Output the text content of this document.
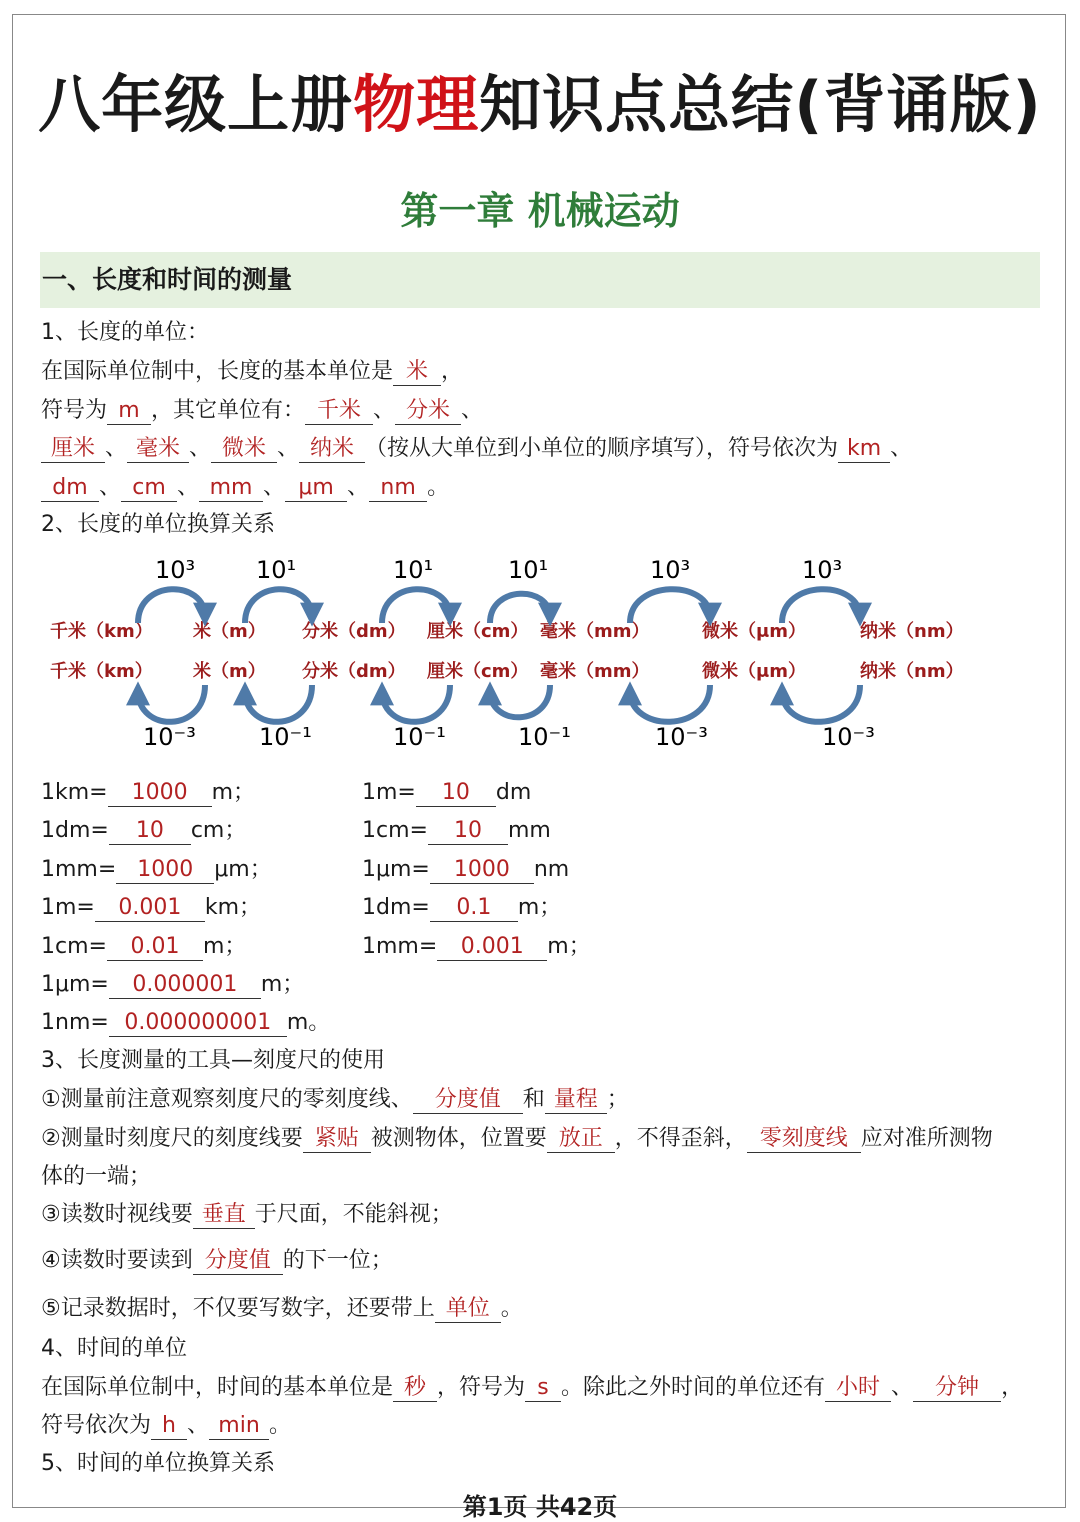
八年级上册物理知识点总结(背诵版)
第一章 机械运动
一、长度和时间的测量
1、长度的单位：
在国际单位制中，长度的基本单位是 米 ，
符号为 m ，其它单位有： 千米 、 分米 、
厘米 、 毫米 、 微米 、 纳米 （按从大单位到小单位的顺序填写），符号依次为 km 、
dm 、 cm 、 mm 、 μm 、 nm 。
2、长度的单位换算关系
千米（km）
千米（km）
米（m）
米（m）
分米（dm）
分米（dm）
厘米（cm）
厘米（cm）
毫米（mm）
毫米（mm）
微米（μm）
微米（μm）
纳米（nm）
纳米（nm）
10³
10⁻³
10¹
10⁻¹
10¹
10⁻¹
10¹
10⁻¹
10³
10⁻³
10³
10⁻³
1km= 1000 m；	1m= 10 dm
1dm= 10 cm；	1cm= 10 mm
1mm= 1000 μm；	1μm= 1000 nm
1m= 0.001 km；	1dm= 0.1 m；
1cm= 0.01 m；	1mm= 0.001 m；
1μm= 0.000001 m；
1nm= 0.000000001 m。
3、长度测量的工具—刻度尺的使用
①测量前注意观察刻度尺的零刻度线、 分度值 和 量程 ；
②测量时刻度尺的刻度线要 紧贴 被测物体，位置要 放正 ，不得歪斜， 零刻度线 应对准所测物
体的一端；
③读数时视线要 垂直 于尺面，不能斜视；
④读数时要读到 分度值 的下一位；
⑤记录数据时，不仅要写数字，还要带上 单位 。
4、时间的单位
在国际单位制中，时间的基本单位是 秒 ，符号为 s 。除此之外时间的单位还有 小时 、 分钟 ，
符号依次为 h 、 min 。
5、时间的单位换算关系
第1页 共42页
